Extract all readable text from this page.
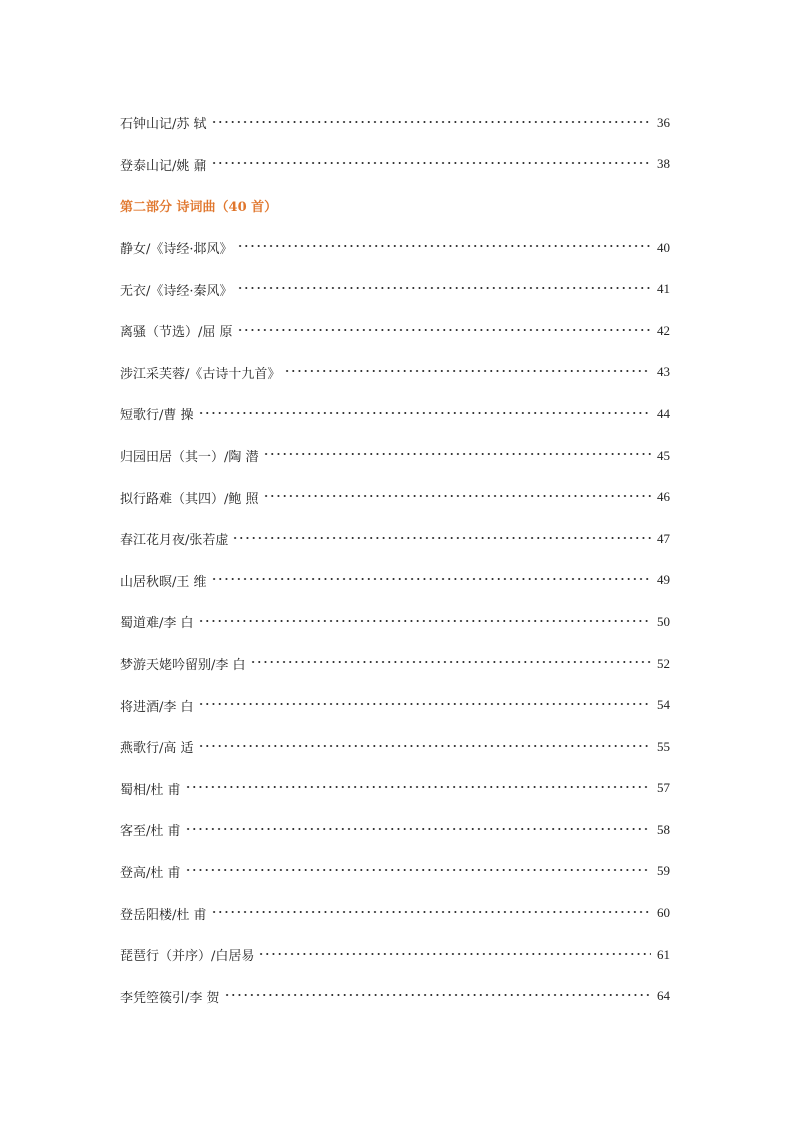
石钟山记/苏 轼	36
登泰山记/姚 鼐	38
第二部分 诗词曲（40 首）
静女/《诗经·邶风》	40
无衣/《诗经·秦风》	41
离骚（节选）/屈 原	42
涉江采芙蓉/《古诗十九首》	43
短歌行/曹 操	44
归园田居（其一）/陶 潜	45
拟行路难（其四）/鲍 照	46
春江花月夜/张若虚	47
山居秋暝/王 维	49
蜀道难/李 白	50
梦游天姥吟留别/李 白	52
将进酒/李 白	54
燕歌行/高 适	55
蜀相/杜 甫	57
客至/杜 甫	58
登高/杜 甫	59
登岳阳楼/杜 甫	60
琵琶行（并序）/白居易	61
李凭箜篌引/李 贺	64
